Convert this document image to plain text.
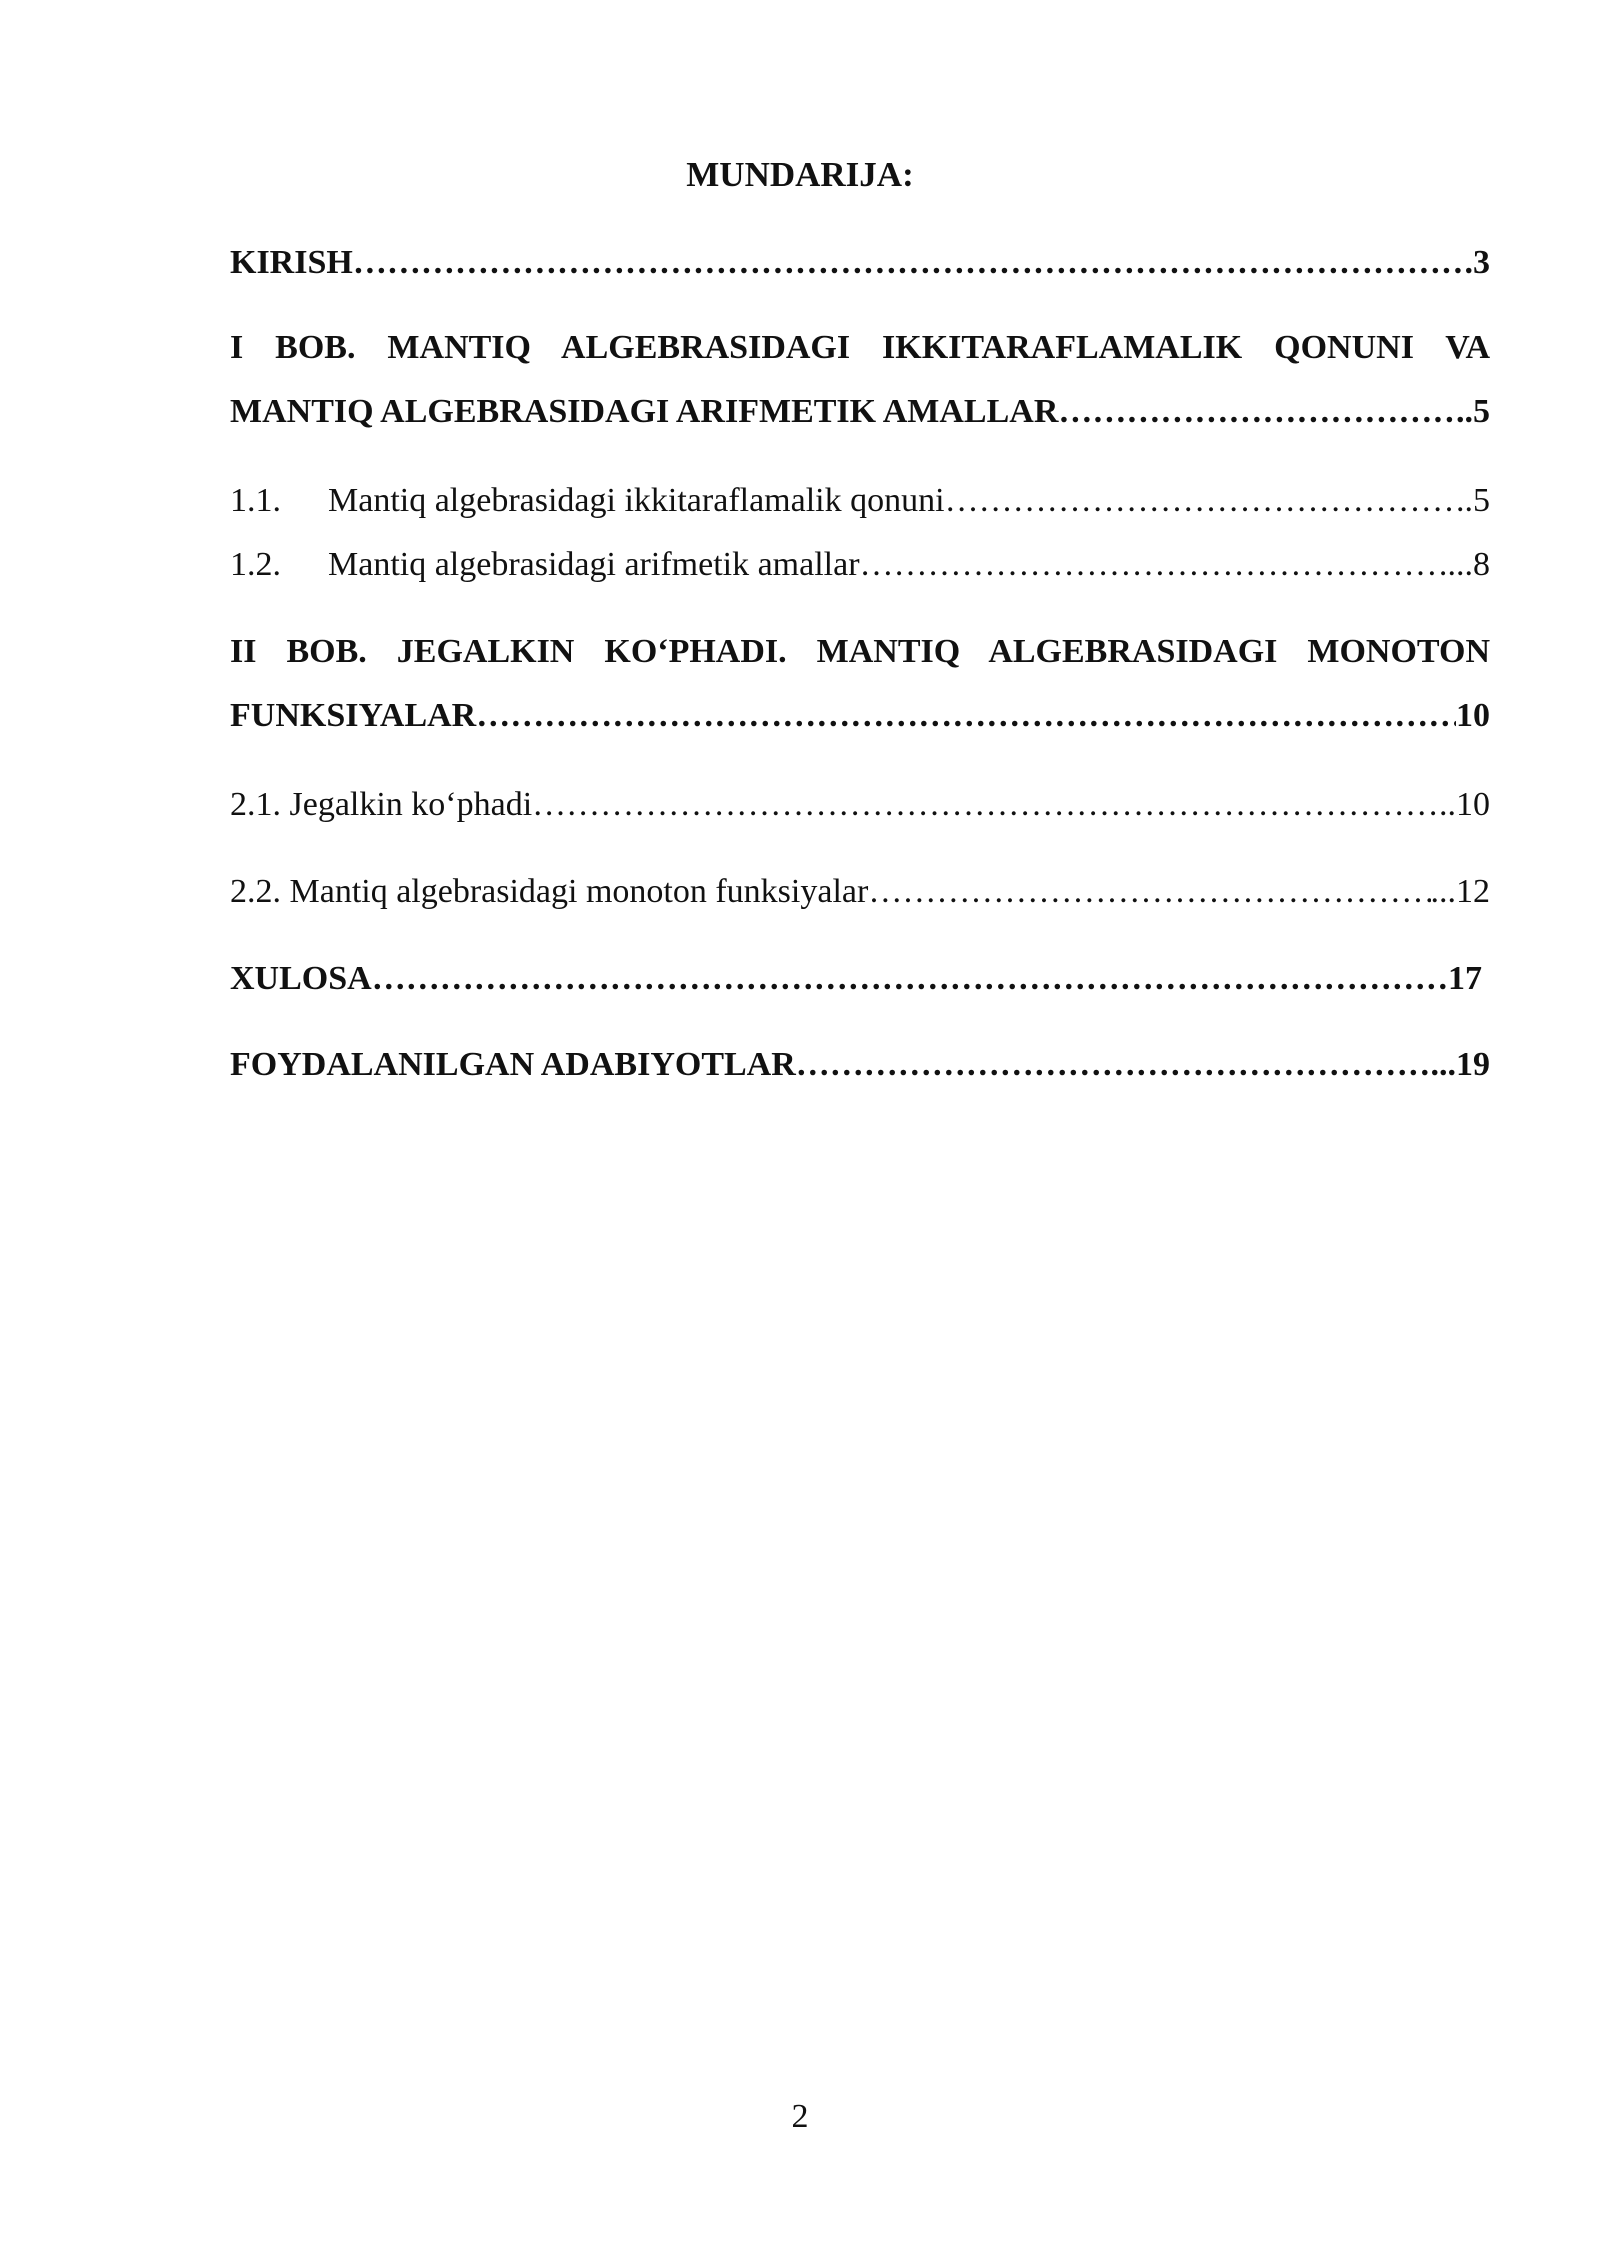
MUNDARIJA:
KIRISH ……………………………………………………………………………………………………………………………………………………………………………………………………………………………………	.3
I BOB. MANTIQ ALGEBRASIDAGI IKKITARAFLAMALIK QONUNI VA
MANTIQ ALGEBRASIDAGI ARIFMETIK AMALLAR ……………………………………………………………………………………………………………………………………………………………………………………………………………………………………	..5
1.1.	Mantiq algebrasidagi ikkitaraflamalik qonuni ……………………………………………………………………………………………………………………………………………………………………………………………………………………………………	.5
1.2.	Mantiq algebrasidagi arifmetik amallar ……………………………………………………………………………………………………………………………………………………………………………………………………………………………………	...8
II BOB. JEGALKIN KO‘PHADI. MANTIQ ALGEBRASIDAGI MONOTON
FUNKSIYALAR ……………………………………………………………………………………………………………………………………………………………………………………………………………………………………	10
2.1. Jegalkin ko‘phadi ……………………………………………………………………………………………………………………………………………………………………………………………………………………………………	..10
2.2. Mantiq algebrasidagi monoton funksiyalar ……………………………………………………………………………………………………………………………………………………………………………………………………………………………………	...12
XULOSA ……………………………………………………………………………………………………………………………………………………………………………………………………………………………………	17
FOYDALANILGAN ADABIYOTLAR ……………………………………………………………………………………………………………………………………………………………………………………………………………………………………	...19
2
